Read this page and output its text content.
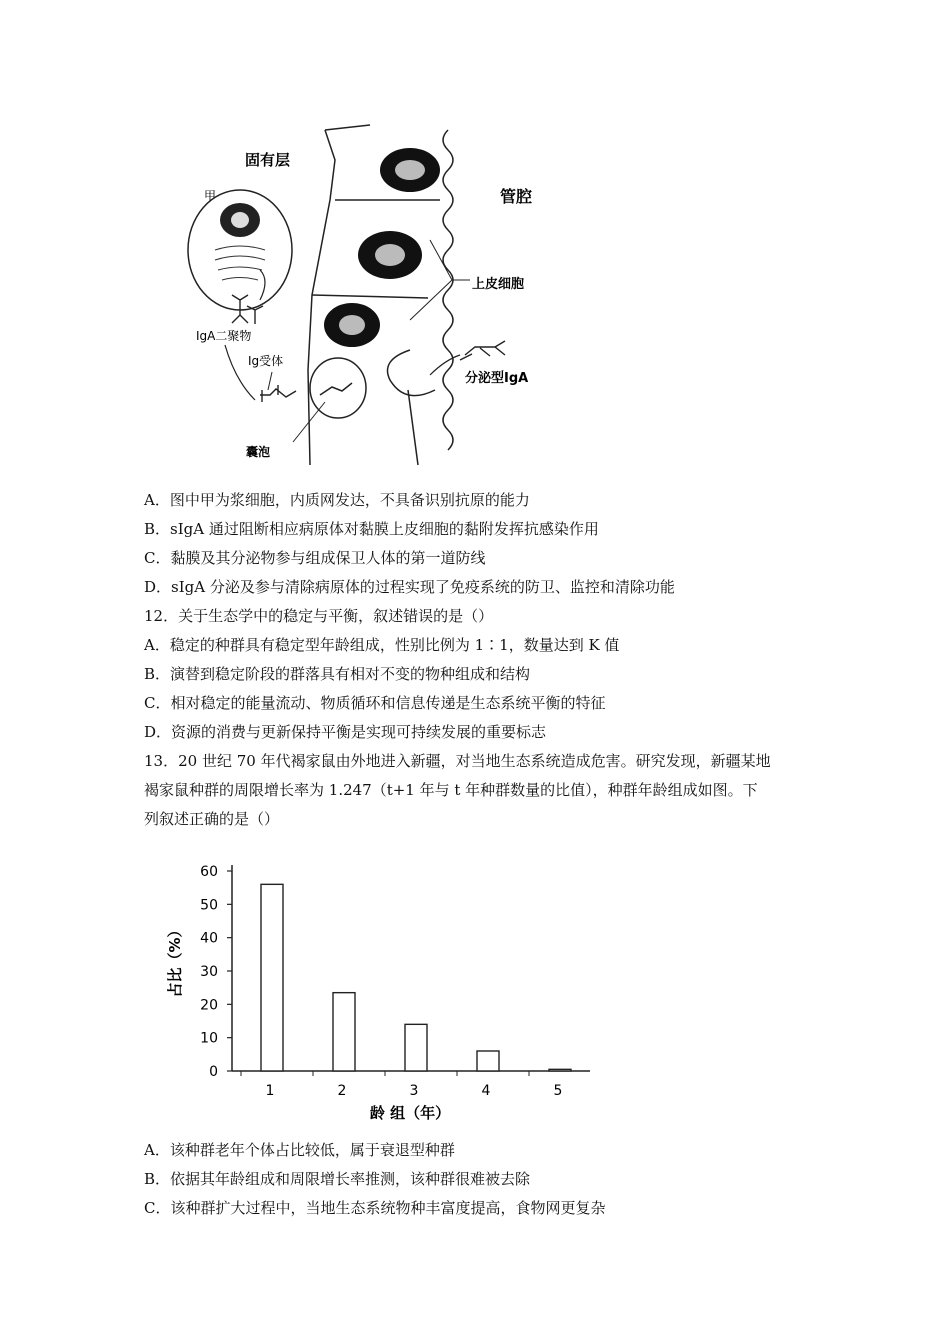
固有层
管腔
甲
上皮细胞
IgA二聚物
Ig受体
囊泡
分泌型IgA
A．图中甲为浆细胞，内质网发达，不具备识别抗原的能力
B．sIgA 通过阻断相应病原体对黏膜上皮细胞的黏附发挥抗感染作用
C．黏膜及其分泌物参与组成保卫人体的第一道防线
D．sIgA 分泌及参与清除病原体的过程实现了免疫系统的防卫、监控和清除功能
12．关于生态学中的稳定与平衡，叙述错误的是（）
A．稳定的种群具有稳定型年龄组成，性别比例为 1∶1，数量达到 K 值
B．演替到稳定阶段的群落具有相对不变的物种组成和结构
C．相对稳定的能量流动、物质循环和信息传递是生态系统平衡的特征
D．资源的消费与更新保持平衡是实现可持续发展的重要标志
13．20 世纪 70 年代褐家鼠由外地进入新疆，对当地生态系统造成危害。研究发现，新疆某地
褐家鼠种群的周限增长率为 1.247（t+1 年与 t 年种群数量的比值），种群年龄组成如图。下
列叙述正确的是（）
0
10
20
30
40
50
60
1	2	3	4	5
占比（%）
龄 组（年）
A．该种群老年个体占比较低，属于衰退型种群
B．依据其年龄组成和周限增长率推测，该种群很难被去除
C．该种群扩大过程中，当地生态系统物种丰富度提高，食物网更复杂
